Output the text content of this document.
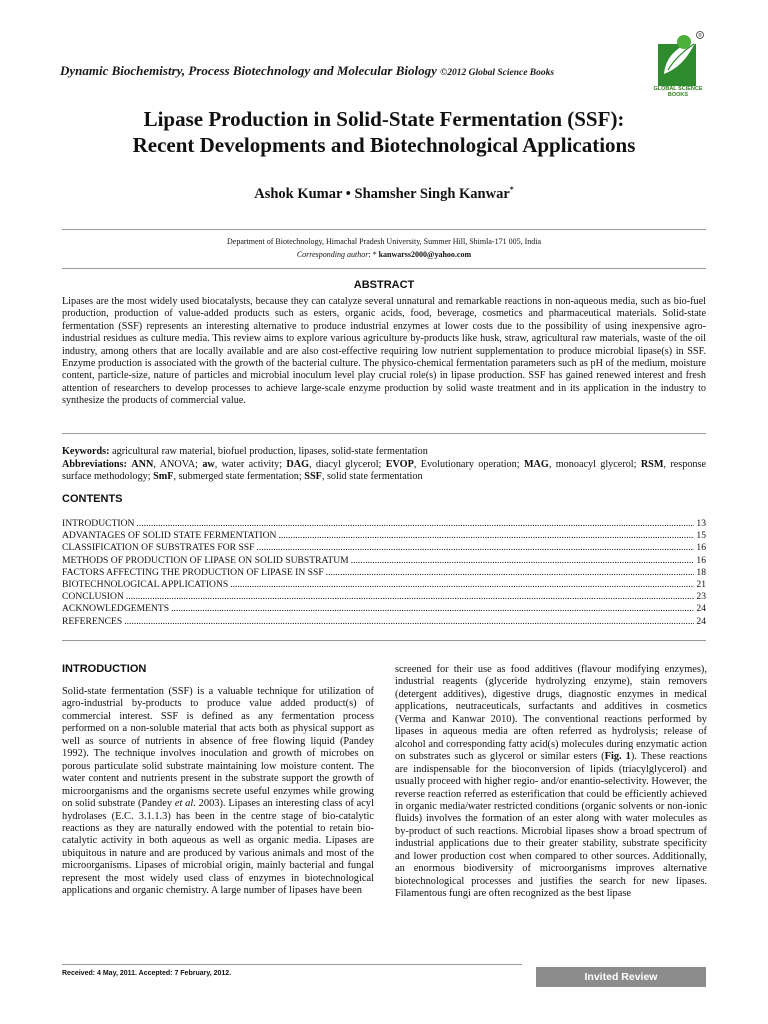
Dynamic Biochemistry, Process Biotechnology and Molecular Biology ©2012 Global Science Books
®
GLOBAL SCIENCE
BOOKS
Lipase Production in Solid-State Fermentation (SSF):
Recent Developments and Biotechnological Applications
Ashok Kumar • Shamsher Singh Kanwar*
Department of Biotechnology, Himachal Pradesh University, Summer Hill, Shimla-171 005, India
Corresponding author: * kanwarss2000@yahoo.com
ABSTRACT
Lipases are the most widely used biocatalysts, because they can catalyze several unnatural and remarkable reactions in non-aqueous media, such as bio-fuel production, production of value-added products such as esters, organic acids, food, beverage, cosmetics and pharmaceutical materials. Solid-state fermentation (SSF) represents an interesting alternative to produce industrial enzymes at lower costs due to the possibility of using inexpensive agro-industrial residues as culture media. This review aims to explore various agriculture by-products like husk, straw, agricultural raw materials, waste of the oil industry, among others that are locally available and are also cost-effective requiring low nutrient supplementation to produce microbial lipase(s) in SSF. Enzyme production is associated with the growth of the bacterial culture. The physico-chemical fermentation parameters such as pH of the medium, moisture content, particle-size, nature of particles and microbial inoculum level play crucial role(s) in lipase production. SSF has gained renewed interest and fresh attention of researchers to develop processes to achieve large-scale enzyme production by solid waste treatment and in its application in the industry to synthesize the products of commercial value.
Keywords: agricultural raw material, biofuel production, lipases, solid-state fermentation
Abbreviations: ANN, ANOVA; aw, water activity; DAG, diacyl glycerol; EVOP, Evolutionary operation; MAG, monoacyl glycerol; RSM, response surface methodology; SmF, submerged state fermentation; SSF, solid state fermentation
CONTENTS
INTRODUCTION .....	13
ADVANTAGES OF SOLID STATE FERMENTATION .....	15
CLASSIFICATION OF SUBSTRATES FOR SSF .....	16
METHODS OF PRODUCTION OF LIPASE ON SOLID SUBSTRATUM .....	16
FACTORS AFFECTING THE PRODUCTION OF LIPASE IN SSF .....	18
BIOTECHNOLOGICAL APPLICATIONS .....	21
CONCLUSION .....	23
ACKNOWLEDGEMENTS .....	24
REFERENCES .....	24
INTRODUCTION
Solid-state fermentation (SSF) is a valuable technique for utilization of agro-industrial by-products to produce value added product(s) of commercial interest. SSF is defined as any fermentation process performed on a non-soluble material that acts both as physical support as well as source of nutrients in absence of free flowing liquid (Pandey 1992). The technique involves inoculation and growth of microbes on porous particulate solid substrate maintaining low moisture content. The water content and nutrients present in the substrate support the growth of microorganisms and the organisms secrete useful enzymes while growing on solid substrate (Pandey et al. 2003). Lipases an interesting class of acyl hydrolases (E.C. 3.1.1.3) has been in the centre stage of bio-catalytic reactions as they are naturally endowed with the potential to retain bio-catalytic activity in both aqueous as well as organic media. Lipases are ubiquitous in nature and are produced by various animals and most of the microorganisms. Lipases of microbial origin, mainly bacterial and fungal represent the most widely used class of enzymes in biotechnological applications and organic chemistry. A large number of lipases have been
screened for their use as food additives (flavour modifying enzymes), industrial reagents (glyceride hydrolyzing enzyme), stain removers (detergent additives), digestive drugs, diagnostic enzymes in medical applications, neutraceuticals, surfactants and additives in cosmetics (Verma and Kanwar 2010). The conventional reactions performed by lipases in aqueous media are often referred as hydrolysis; release of alcohol and corresponding fatty acid(s) molecules during enzymatic action on substrates such as glycerol or similar esters (Fig. 1). These reactions are indispensable for the bioconversion of lipids (triacylglycerol) and usually proceed with higher regio- and/or enantio-selectivity. However, the reverse reaction referred as esterification that could be efficiently achieved in organic media/water restricted conditions (organic solvents or non-ionic fluids) involves the formation of an ester along with water molecules as by-product of such reactions. Microbial lipases show a broad spectrum of industrial applications due to their greater stability, substrate specificity and lower production cost when compared to other sources. Additionally, an enormous biodiversity of microorganisms improves alternative biotechnological processes and justifies the search for new lipases. Filamentous fungi are often recognized as the best lipase
Received: 4 May, 2011. Accepted: 7 February, 2012.	Invited Review
